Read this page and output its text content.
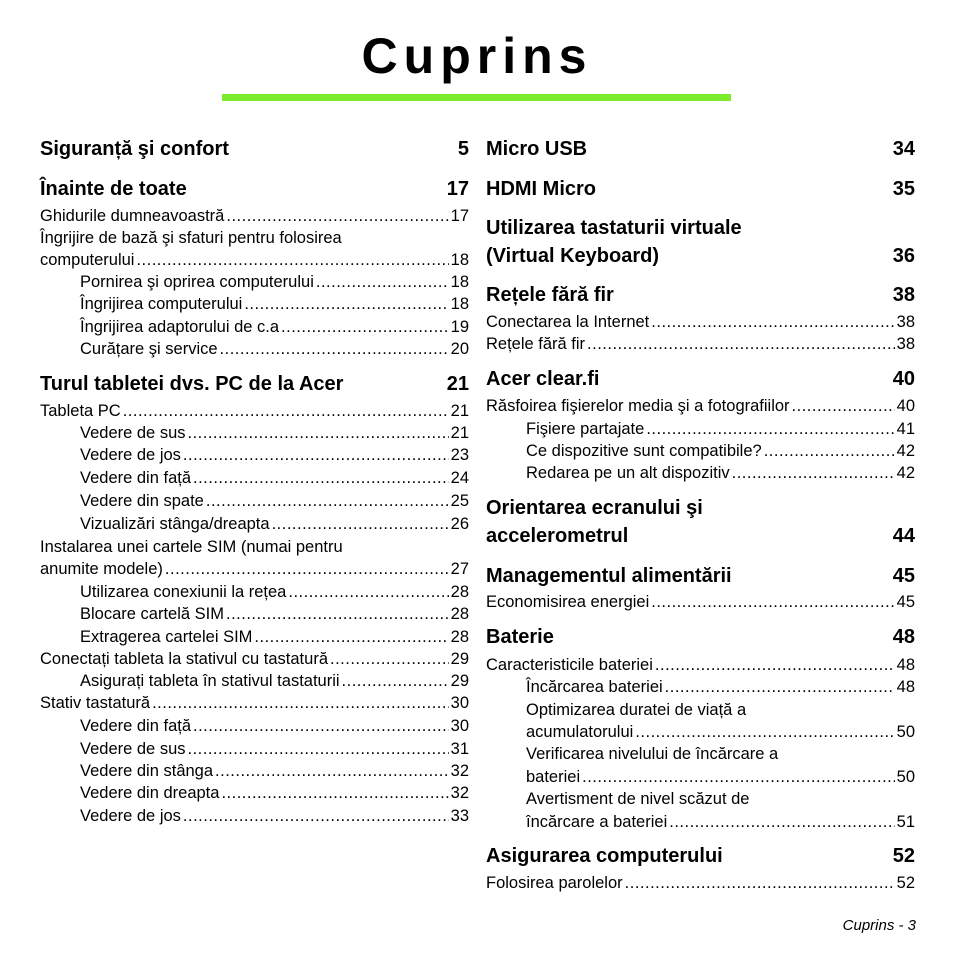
Cuprins
Siguranță şi confort	5
Înainte de toate	17
Ghidurile dumneavoastră .....	17
Îngrijire de bază şi sfaturi pentru folosirea
computerului .....	18
Pornirea şi oprirea computerului .....	18
Îngrijirea computerului .....	18
Îngrijirea adaptorului de c.a .....	19
Curățare şi service .....	20
Turul tabletei dvs. PC de la Acer	21
Tableta PC .....	21
Vedere de sus .....	21
Vedere de jos .....	23
Vedere din față .....	24
Vedere din spate .....	25
Vizualizări stânga/dreapta .....	26
Instalarea unei cartele SIM (numai pentru
anumite modele) .....	27
Utilizarea conexiunii la rețea .....	28
Blocare cartelă SIM .....	28
Extragerea cartelei SIM .....	28
Conectați tableta la stativul cu tastatură .....	29
Asigurați tableta în stativul tastaturii .....	29
Stativ tastatură .....	30
Vedere din față .....	30
Vedere de sus .....	31
Vedere din stânga .....	32
Vedere din dreapta .....	32
Vedere de jos .....	33
Micro USB	34
HDMI Micro	35
Utilizarea tastaturii virtuale
(Virtual Keyboard)	36
Rețele fără fir	38
Conectarea la Internet .....	38
Rețele fără fir .....	38
Acer clear.fi	40
Răsfoirea fişierelor media şi a fotografiilor .....	40
Fişiere partajate .....	41
Ce dispozitive sunt compatibile? .....	42
Redarea pe un alt dispozitiv .....	42
Orientarea ecranului şi
accelerometrul	44
Managementul alimentării	45
Economisirea energiei .....	45
Baterie	48
Caracteristicile bateriei .....	48
Încărcarea bateriei .....	48
Optimizarea duratei de viață a
acumulatorului .....	50
Verificarea nivelului de încărcare a
bateriei .....	50
Avertisment de nivel scăzut de
încărcare a bateriei .....	51
Asigurarea computerului	52
Folosirea parolelor .....	52
Cuprins - 3
